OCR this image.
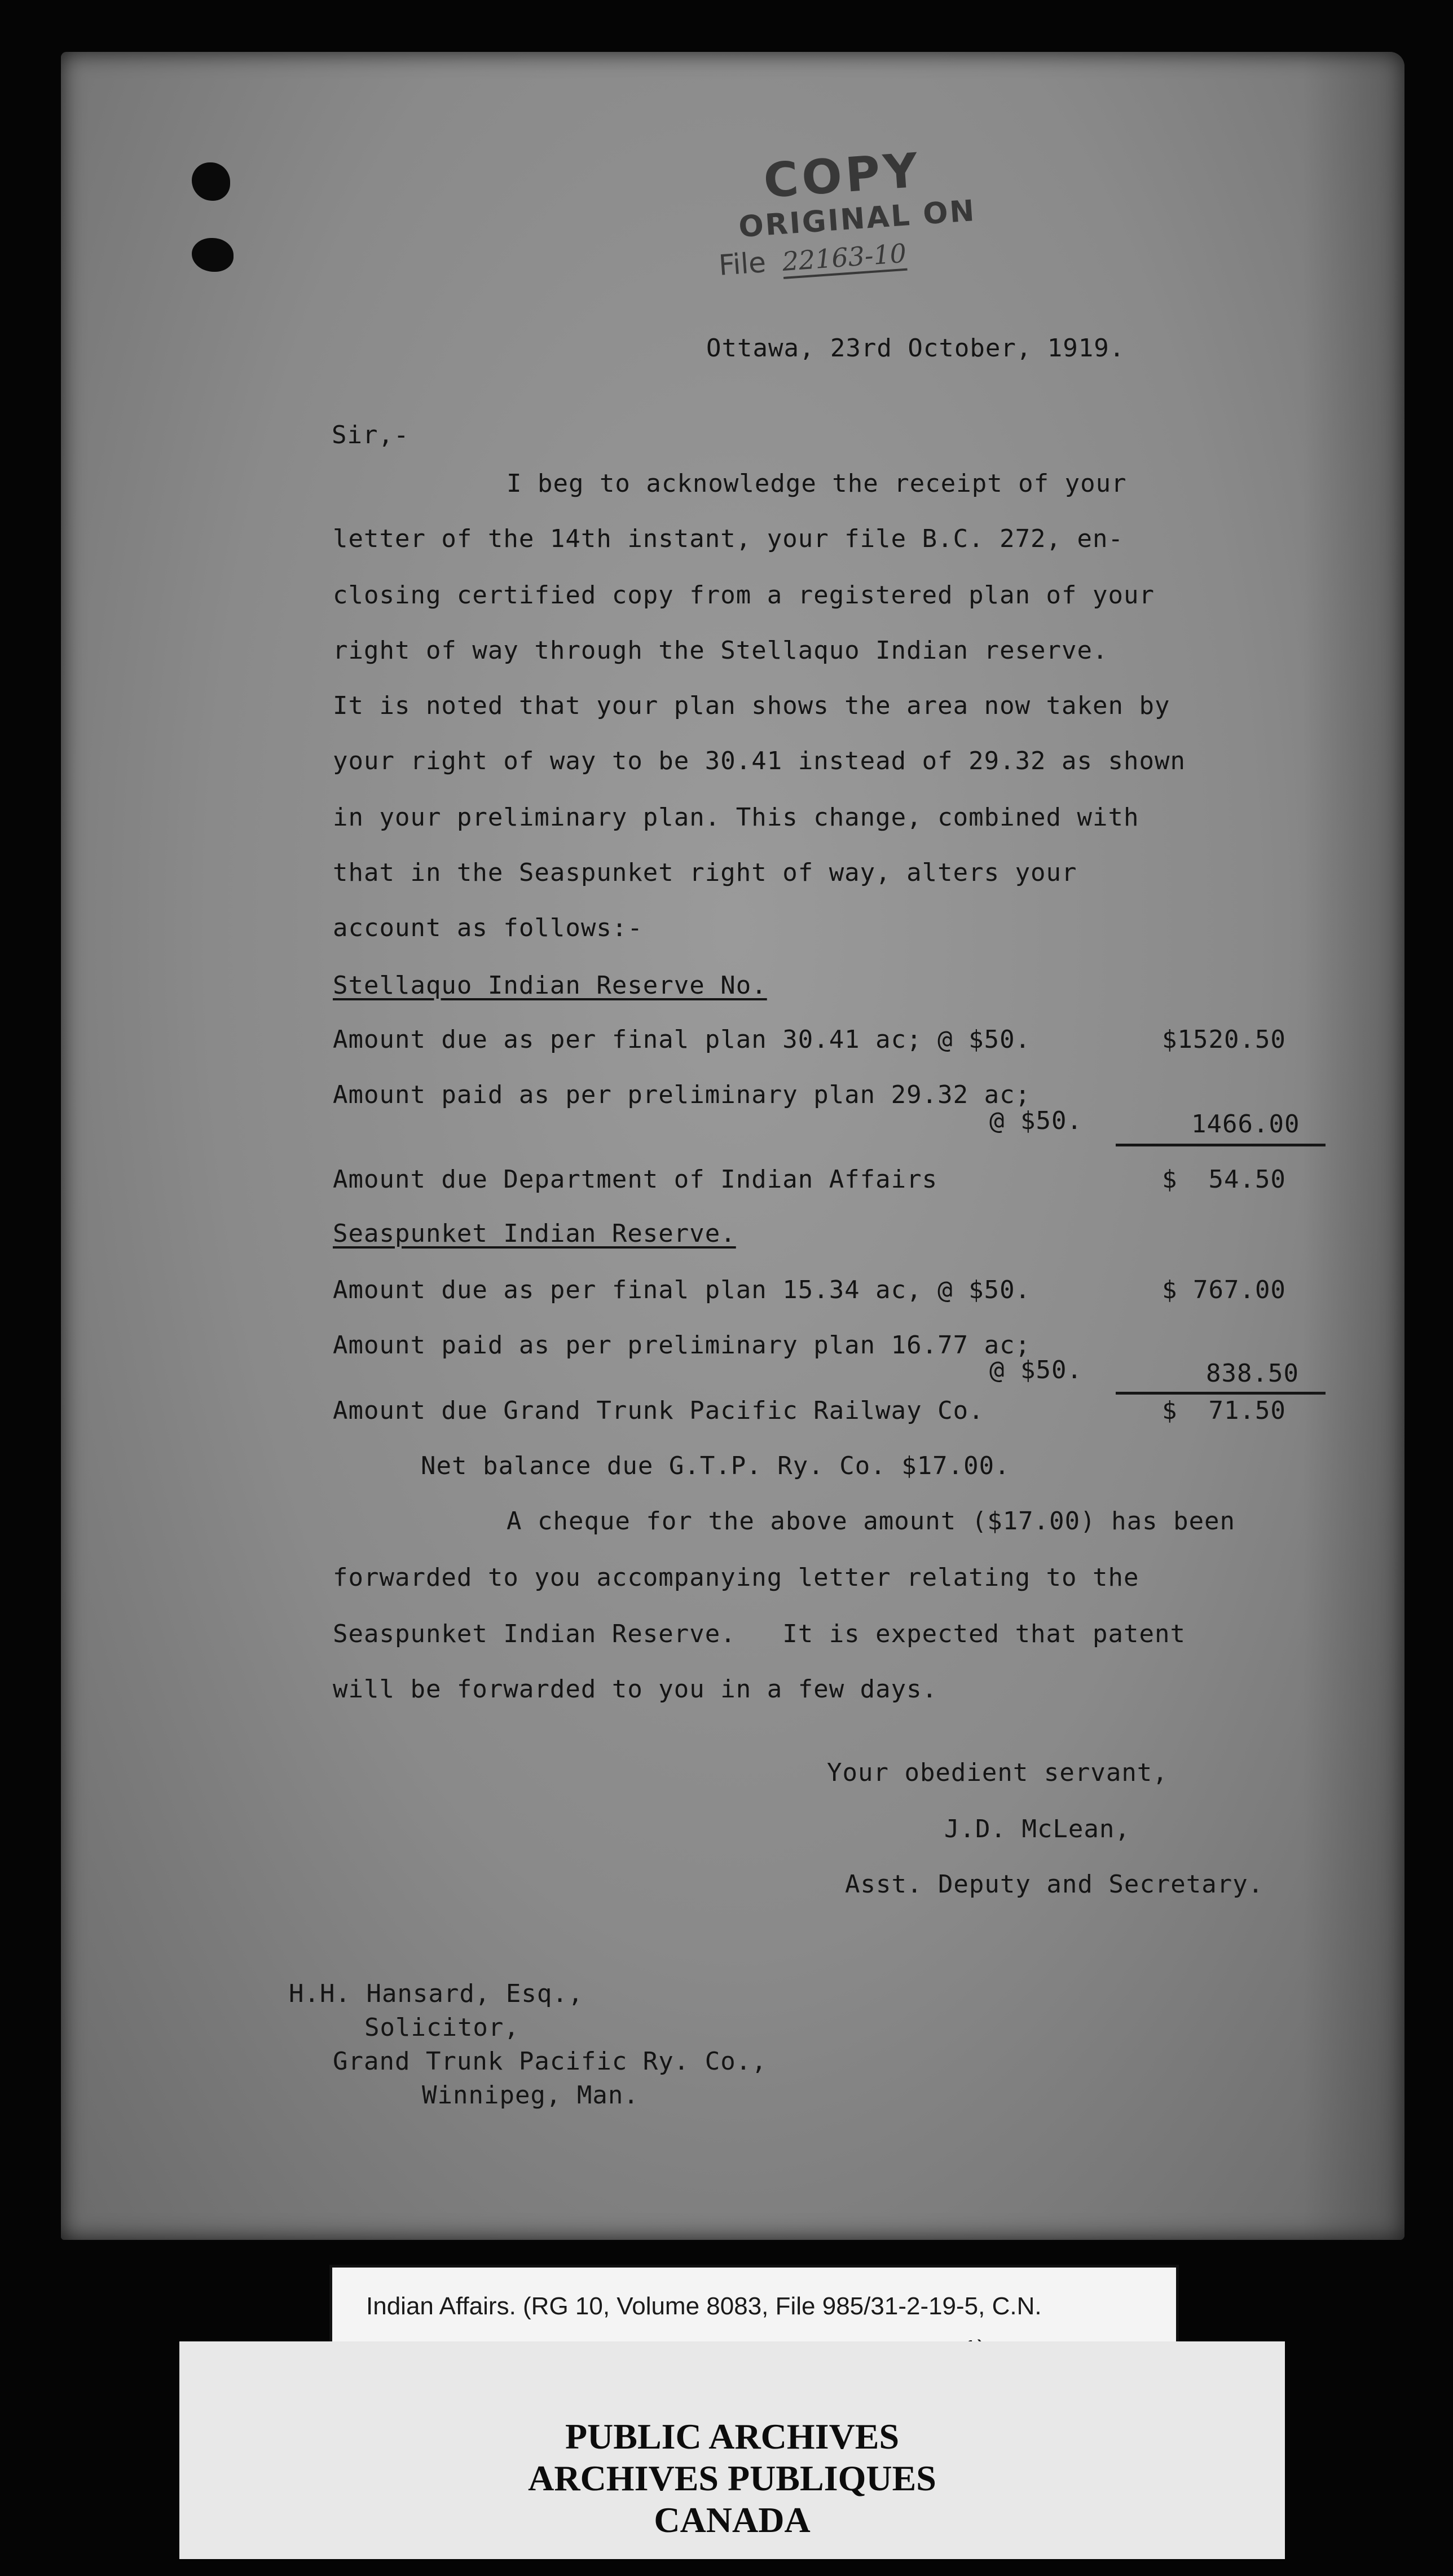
COPY
ORIGINAL ON
File 22163-10
Ottawa, 23rd October, 1919.
Sir,-
I beg to acknowledge the receipt of your
letter of the 14th instant, your file B.C. 272, en-
closing certified copy from a registered plan of your
right of way through the Stellaquo Indian reserve.
It is noted that your plan shows the area now taken by
your right of way to be 30.41 instead of 29.32 as shown
in your preliminary plan. This change, combined with
that in the Seaspunket right of way, alters your
account as follows:-
Stellaquo Indian Reserve No.
Amount due as per final plan 30.41 ac; @ $50.	$1520.50
Amount paid as per preliminary plan 29.32 ac;
@ $50.	1466.00
Amount due Department of Indian Affairs	$  54.50
Seaspunket Indian Reserve.
Amount due as per final plan 15.34 ac, @ $50.	$ 767.00
Amount paid as per preliminary plan 16.77 ac;
@ $50.	838.50
Amount due Grand Trunk Pacific Railway Co.	$  71.50
Net balance due G.T.P. Ry. Co. $17.00.
A cheque for the above amount ($17.00) has been
forwarded to you accompanying letter relating to the
Seaspunket Indian Reserve.   It is expected that patent
will be forwarded to you in a few days.
Your obedient servant,
J.D. McLean,
Asst. Deputy and Secretary.
H.H. Hansard, Esq.,
Solicitor,
Grand Trunk Pacific Ry. Co.,
Winnipeg, Man.
Indian Affairs. (RG 10, Volume 8083, File 985/31-2-19-5, C.N.
PUBLIC ARCHIVES
ARCHIVES PUBLIQUES
CANADA
